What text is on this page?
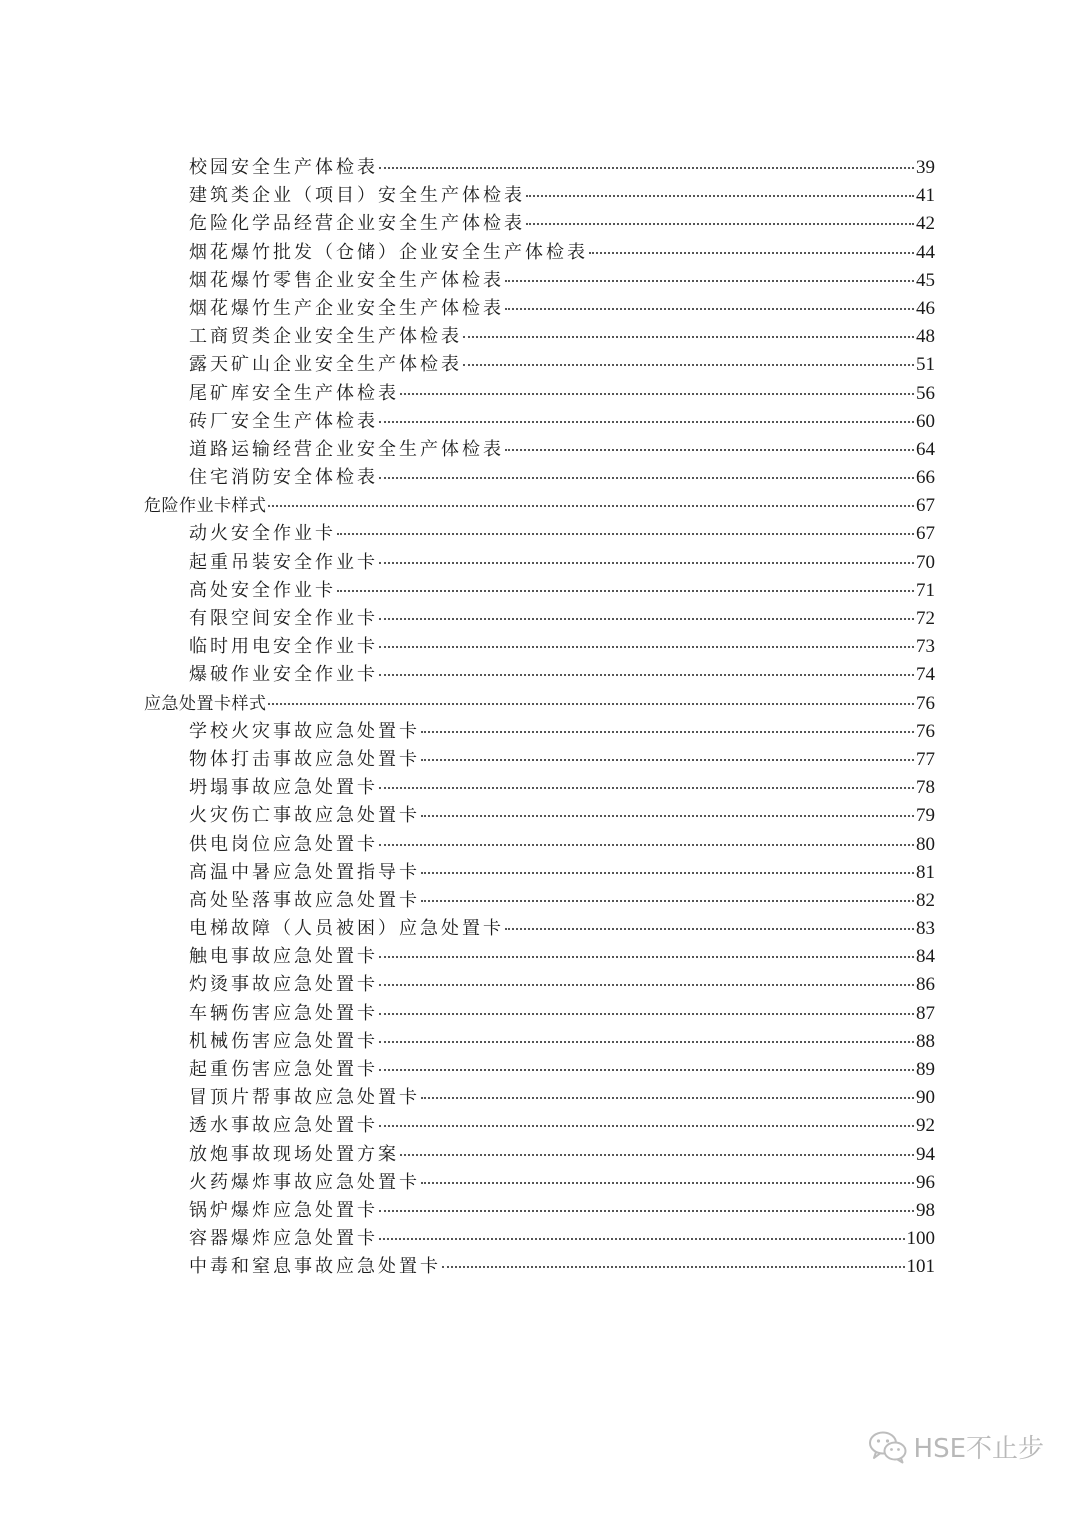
校园安全生产体检表	39
建筑类企业（项目）安全生产体检表	41
危险化学品经营企业安全生产体检表	42
烟花爆竹批发（仓储）企业安全生产体检表	44
烟花爆竹零售企业安全生产体检表	45
烟花爆竹生产企业安全生产体检表	46
工商贸类企业安全生产体检表	48
露天矿山企业安全生产体检表	51
尾矿库安全生产体检表	56
砖厂安全生产体检表	60
道路运输经营企业安全生产体检表	64
住宅消防安全体检表	66
危险作业卡样式	67
动火安全作业卡	67
起重吊装安全作业卡	70
高处安全作业卡	71
有限空间安全作业卡	72
临时用电安全作业卡	73
爆破作业安全作业卡	74
应急处置卡样式	76
学校火灾事故应急处置卡	76
物体打击事故应急处置卡	77
坍塌事故应急处置卡	78
火灾伤亡事故应急处置卡	79
供电岗位应急处置卡	80
高温中暑应急处置指导卡	81
高处坠落事故应急处置卡	82
电梯故障（人员被困）应急处置卡	83
触电事故应急处置卡	84
灼烫事故应急处置卡	86
车辆伤害应急处置卡	87
机械伤害应急处置卡	88
起重伤害应急处置卡	89
冒顶片帮事故应急处置卡	90
透水事故应急处置卡	92
放炮事故现场处置方案	94
火药爆炸事故应急处置卡	96
锅炉爆炸应急处置卡	98
容器爆炸应急处置卡	100
中毒和窒息事故应急处置卡	101
HSE不止步
